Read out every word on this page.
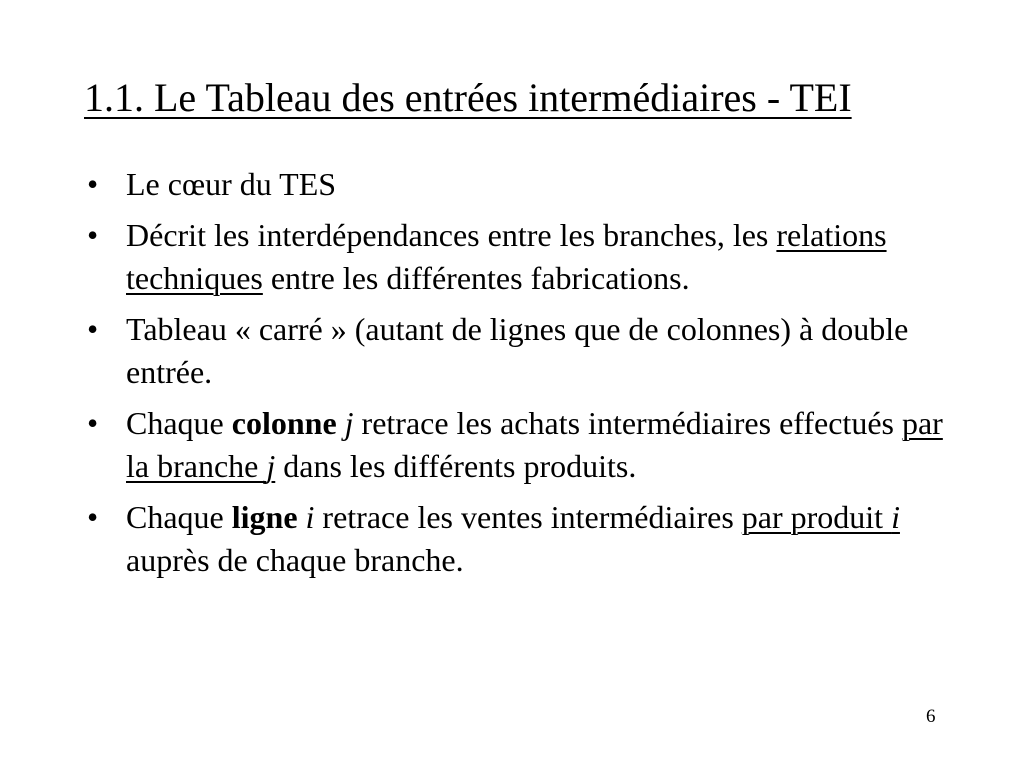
1.1. Le Tableau des entrées intermédiaires - TEI
• Le cœur du TES
• Décrit les interdépendances entre les branches, les relations techniques entre les différentes fabrications.
• Tableau « carré » (autant de lignes que de colonnes) à double entrée.
• Chaque colonne j retrace les achats intermédiaires effectués par la branche j dans les différents produits.
• Chaque ligne i retrace les ventes intermédiaires par produit i auprès de chaque branche.
6
